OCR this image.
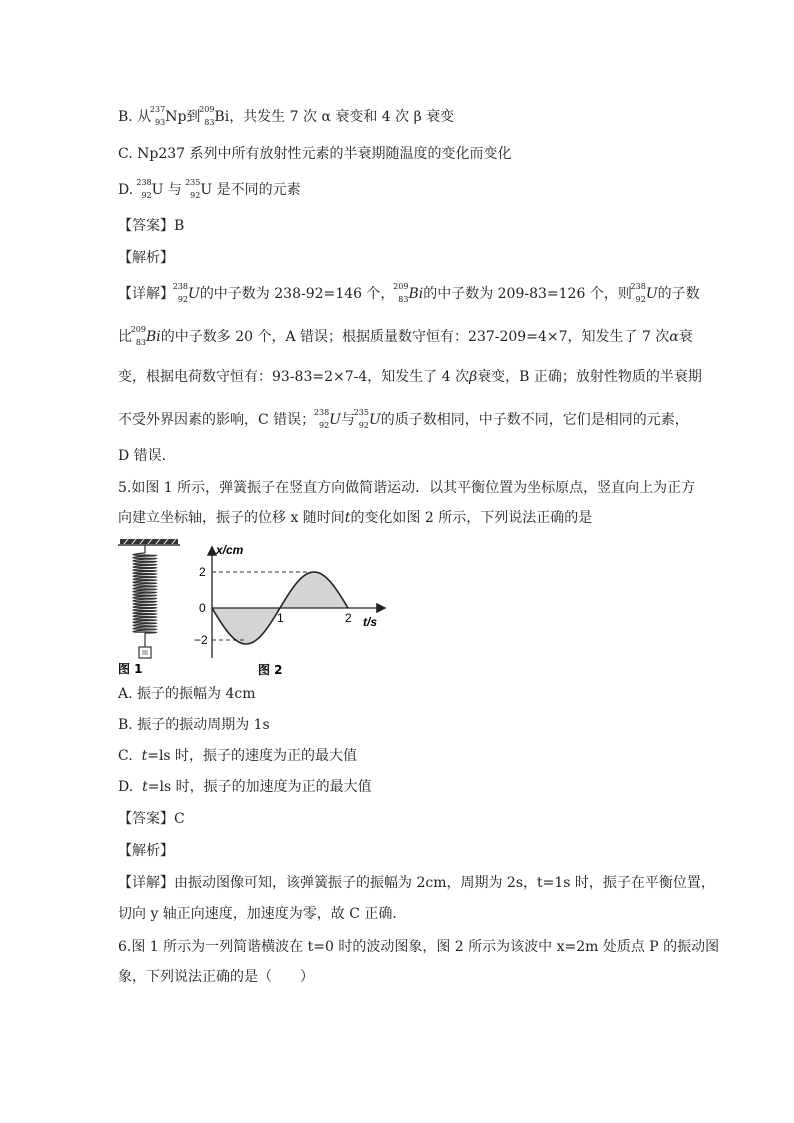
B. 从
237
93 Np到
209
83 Bi，共发生 7 次 α 衰变和 4 次 β 衰变
C. Np237 系列中所有放射性元素的半衰期随温度的变化而变化
D. 238
92 U 与 235
92 U 是不同的元素
【答案】B
【解析】
【详解】
238
92 U的中子数为 238-92=146 个，
209
83 Bi的中子数为 209-83=126 个，则
238
92 U的子数
比
209
83 Bi的中子数多 20 个，A 错误；根据质量数守恒有：237-209=4×7，知发生了 7 次α衰
变，根据电荷数守恒有：93-83=2×7-4，知发生了 4 次β衰变，B 正确；放射性物质的半衰期
不受外界因素的影响，C 错误；
238
92 U与
235
92 U的质子数相同，中子数不同，它们是相同的元素，
D 错误．
5.如图 1 所示，弹簧振子在竖直方向做简谐运动．以其平衡位置为坐标原点，竖直向上为正方
向建立坐标轴，振子的位移 x 随时间t的变化如图 2 所示，下列说法正确的是
图 1
x/cm
t/s
2
0
−2
1	2
图 2
A. 振子的振幅为 4cm
B. 振子的振动周期为 1s
C. t=ls 时，振子的速度为正的最大值
D. t=ls 时，振子的加速度为正的最大值
【答案】C
【解析】
【详解】由振动图像可知，该弹簧振子的振幅为 2cm，周期为 2s，t=1s 时，振子在平衡位置，
切向 y 轴正向速度，加速度为零，故 C 正确．
6.图 1 所示为一列简谐横波在 t=0 时的波动图象，图 2 所示为该波中 x=2m 处质点 P 的振动图
象，下列说法正确的是（　　）
